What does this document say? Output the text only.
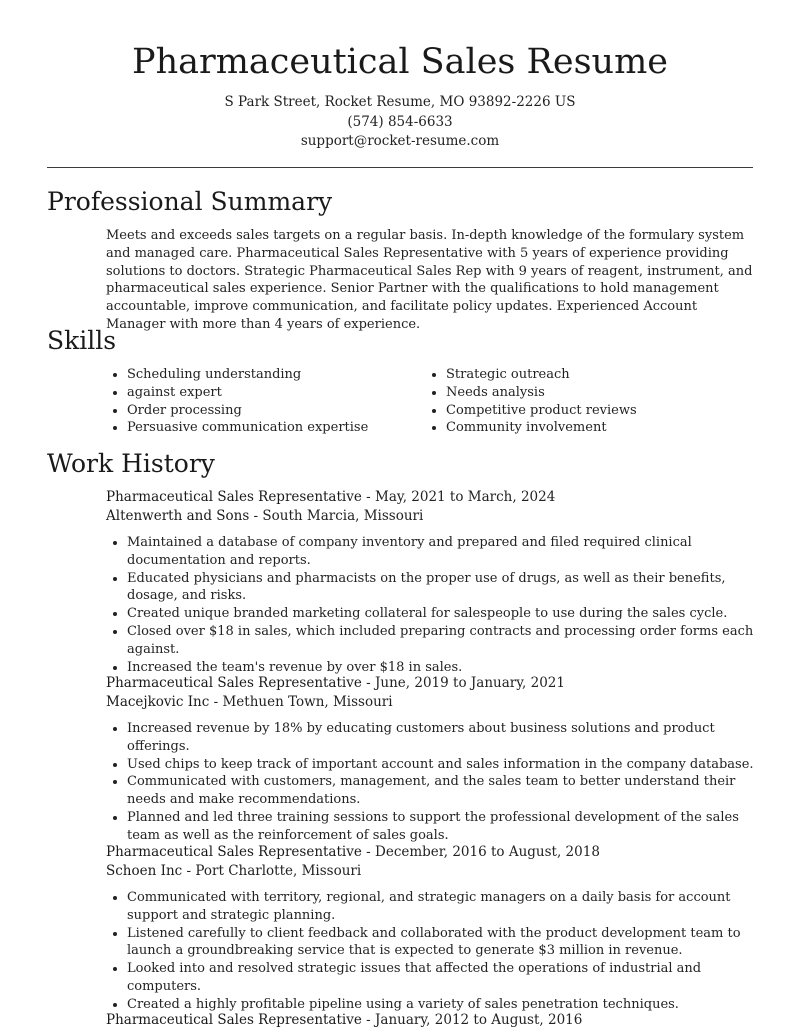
Pharmaceutical Sales Resume
S Park Street, Rocket Resume, MO 93892-2226 US
(574) 854-6633
support@rocket-resume.com
Professional Summary

Meets and exceeds sales targets on a regular basis. In-depth knowledge of the formulary system and managed care. Pharmaceutical Sales Representative with 5 years of experience providing solutions to doctors. Strategic Pharmaceutical Sales Rep with 9 years of reagent, instrument, and pharmaceutical sales experience. Senior Partner with the qualifications to hold management accountable, improve communication, and facilitate policy updates. Experienced Account Manager with more than 4 years of experience.

Skills
• Scheduling understanding
• against expert
• Order processing
• Persuasive communication expertise
• Strategic outreach
• Needs analysis
• Competitive product reviews
• Community involvement
Work History
Pharmaceutical Sales Representative - May, 2021 to March, 2024
Altenwerth and Sons - South Marcia, Missouri
• Maintained a database of company inventory and prepared and filed required clinical documentation and reports.
• Educated physicians and pharmacists on the proper use of drugs, as well as their benefits, dosage, and risks.
• Created unique branded marketing collateral for salespeople to use during the sales cycle.
• Closed over $18 in sales, which included preparing contracts and processing order forms each against.
• Increased the team's revenue by over $18 in sales.
Pharmaceutical Sales Representative - June, 2019 to January, 2021
Macejkovic Inc - Methuen Town, Missouri
• Increased revenue by 18% by educating customers about business solutions and product offerings.
• Used chips to keep track of important account and sales information in the company database.
• Communicated with customers, management, and the sales team to better understand their needs and make recommendations.
• Planned and led three training sessions to support the professional development of the sales team as well as the reinforcement of sales goals.
Pharmaceutical Sales Representative - December, 2016 to August, 2018
Schoen Inc - Port Charlotte, Missouri
• Communicated with territory, regional, and strategic managers on a daily basis for account support and strategic planning.
• Listened carefully to client feedback and collaborated with the product development team to launch a groundbreaking service that is expected to generate $3 million in revenue.
• Looked into and resolved strategic issues that affected the operations of industrial and computers.
• Created a highly profitable pipeline using a variety of sales penetration techniques.
Pharmaceutical Sales Representative - January, 2012 to August, 2016
